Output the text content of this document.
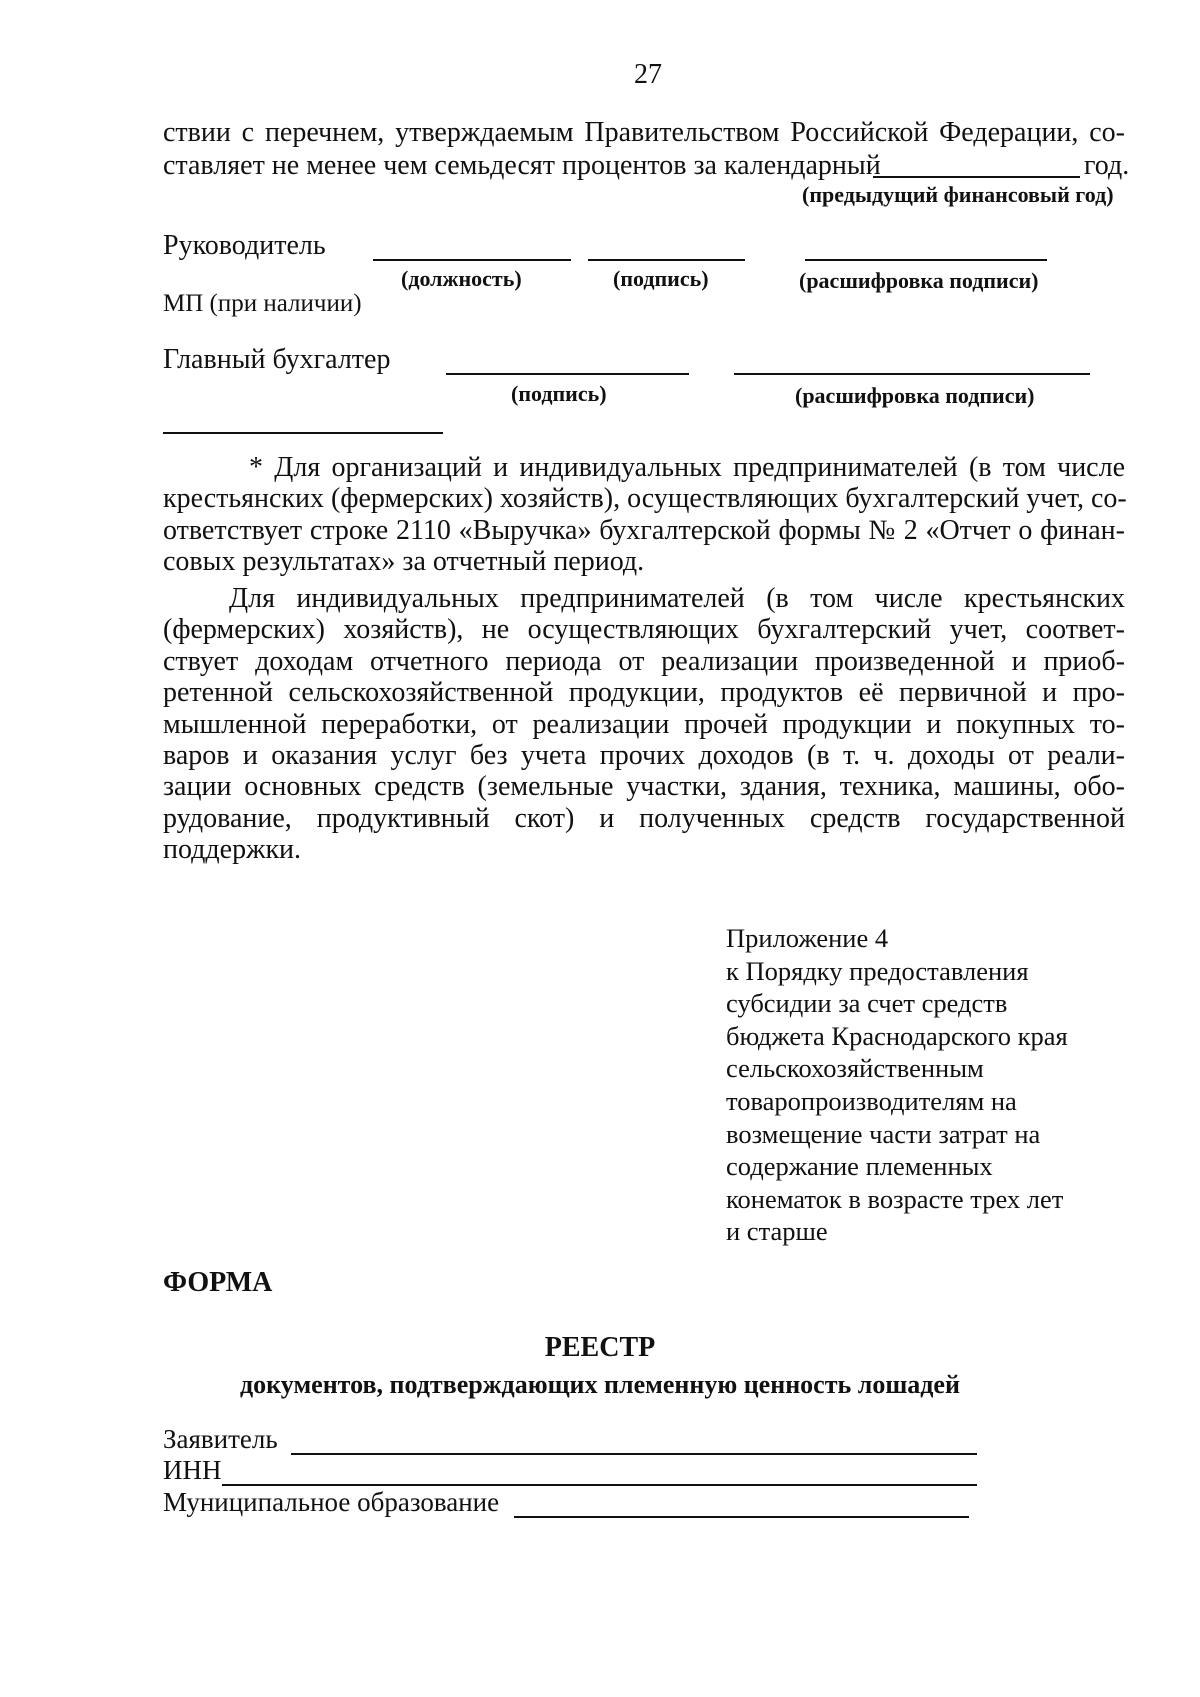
27
ствии с перечнем, утверждаемым Правительством Российской Федерации, со-
ставляет не менее чем семьдесят процентов за календарный	год.
(предыдущий финансовый год)
Руководитель
(должность)	(подпись)	(расшифровка подписи)
МП (при наличии)
Главный бухгалтер
(подпись)	(расшифровка подписи)
* Для организаций и индивидуальных предпринимателей (в том числе
крестьянских (фермерских) хозяйств), осуществляющих бухгалтерский учет, со-
ответствует строке 2110 «Выручка» бухгалтерской формы № 2 «Отчет о финан-
совых результатах» за отчетный период.
Для индивидуальных предпринимателей (в том числе крестьянских
(фермерских) хозяйств), не осуществляющих бухгалтерский учет, соответ-
ствует доходам отчетного периода от реализации произведенной и приоб-
ретенной сельскохозяйственной продукции, продуктов её первичной и про-
мышленной переработки, от реализации прочей продукции и покупных то-
варов и оказания услуг без учета прочих доходов (в т. ч. доходы от реали-
зации основных средств (земельные участки, здания, техника, машины, обо-
рудование, продуктивный скот) и полученных средств государственной
поддержки.
Приложение 4
к Порядку предоставления
субсидии за счет средств
бюджета Краснодарского края
сельскохозяйственным
товаропроизводителям на
возмещение части затрат на
содержание племенных
конематок в возрасте трех лет
и старше
ФОРМА
РЕЕСТР
документов, подтверждающих племенную ценность лошадей
Заявитель
ИНН
Муниципальное образование
